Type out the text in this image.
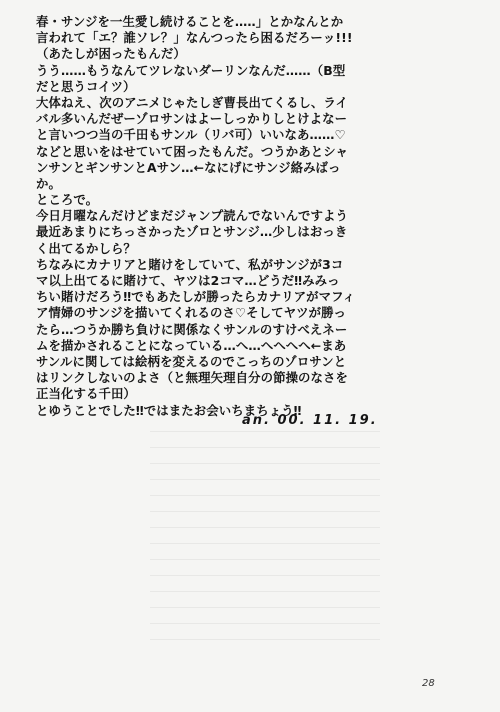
春・サンジを一生愛し続けることを…‥」とかなんとか
言われて「エ？誰ソレ？」なんつったら困るだろーッ!!!
（あたしが困ったもんだ）
うう……もうなんてツレないダーリンなんだ……（B型
だと思うコイツ）
大体ねえ、次のアニメじゃたしぎ曹長出てくるし、ライ
バル多いんだぜーゾロサンはよーしっかりしとけよなー
と言いつつ当の千田もサンル（リバ可）いいなあ……♡
などと思いをはせていて困ったもんだ。つうかあとシャ
ンサンとギンサンとAサン…←なにげにサンジ絡みばっ
か。
ところで。
今日月曜なんだけどまだジャンプ読んでないんですよう
最近あまりにちっさかったゾロとサンジ…少しはおっき
く出てるかしら？
ちなみにカナリアと賭けをしていて、私がサンジが3コ
マ以上出てるに賭けて、ヤツは2コマ…どうだ‼みみっ
ちい賭けだろう‼でもあたしが勝ったらカナリアがマフィ
ア情婦のサンジを描いてくれるのさ♡そしてヤツが勝っ
たら…つうか勝ち負けに関係なくサンルのすけべえネー
ムを描かされることになっている…へ…へへへへ←まあ
サンルに関しては絵柄を変えるのでこっちのゾロサンと
はリンクしないのよさ（と無理矢理自分の節操のなさを
正当化する千田）
とゆうことでした‼ではまたお会いちまちょう‼
an. 00. 11. 19.
28
